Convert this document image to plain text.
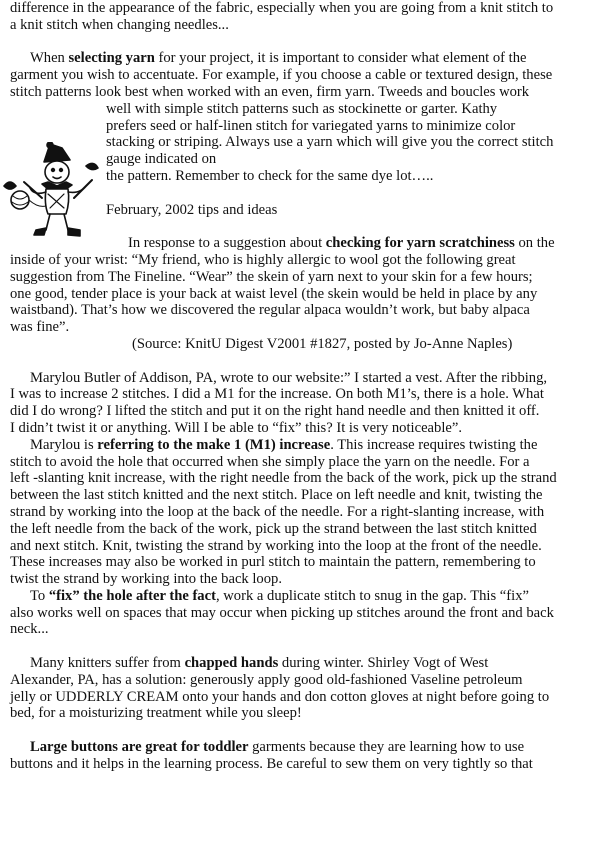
difference in the appearance of the fabric, especially when you are going from a knit stitch to
a knit stitch when changing needles...
When selecting yarn for your project, it is important to consider what element of the
garment you wish to accentuate. For example, if you choose a cable or textured design, these
stitch patterns look best when worked with an even, firm yarn. Tweeds and boucles work
well with simple stitch patterns such as stockinette or garter. Kathy
prefers seed or half-linen stitch for variegated yarns to minimize color
stacking or striping. Always use a yarn which will give you the correct stitch
gauge indicated on
the pattern. Remember to check for the same dye lot…..
February, 2002 tips and ideas
In response to a suggestion about checking for yarn scratchiness on the
inside of your wrist: “My friend, who is highly allergic to wool got the following great
suggestion from The Fineline. “Wear” the skein of yarn next to your skin for a few hours;
one good, tender place is your back at waist level (the skein would be held in place by any
waistband). That’s how we discovered the regular alpaca wouldn’t work, but baby alpaca
was fine”.
(Source: KnitU Digest V2001 #1827, posted by Jo-Anne Naples)
Marylou Butler of Addison, PA, wrote to our website:” I started a vest. After the ribbing,
I was to increase 2 stitches. I did a M1 for the increase. On both M1’s, there is a hole. What
did I do wrong? I lifted the stitch and put it on the right hand needle and then knitted it off.
I didn’t twist it or anything. Will I be able to “fix” this? It is very noticeable”.
Marylou is referring to the make 1 (M1) increase. This increase requires twisting the
stitch to avoid the hole that occurred when she simply place the yarn on the needle. For a
left -slanting knit increase, with the right needle from the back of the work, pick up the strand
between the last stitch knitted and the next stitch. Place on left needle and knit, twisting the
strand by working into the loop at the back of the needle. For a right-slanting increase, with
the left needle from the back of the work, pick up the strand between the last stitch knitted
and next stitch. Knit, twisting the strand by working into the loop at the front of the needle.
These increases may also be worked in purl stitch to maintain the pattern, remembering to
twist the strand by working into the back loop.
To “fix” the hole after the fact, work a duplicate stitch to snug in the gap. This “fix”
also works well on spaces that may occur when picking up stitches around the front and back
neck...
Many knitters suffer from chapped hands during winter. Shirley Vogt of West
Alexander, PA, has a solution: generously apply good old-fashioned Vaseline petroleum
jelly or UDDERLY CREAM onto your hands and don cotton gloves at night before going to
bed, for a moisturizing treatment while you sleep!
Large buttons are great for toddler garments because they are learning how to use
buttons and it helps in the learning process. Be careful to sew them on very tightly so that
